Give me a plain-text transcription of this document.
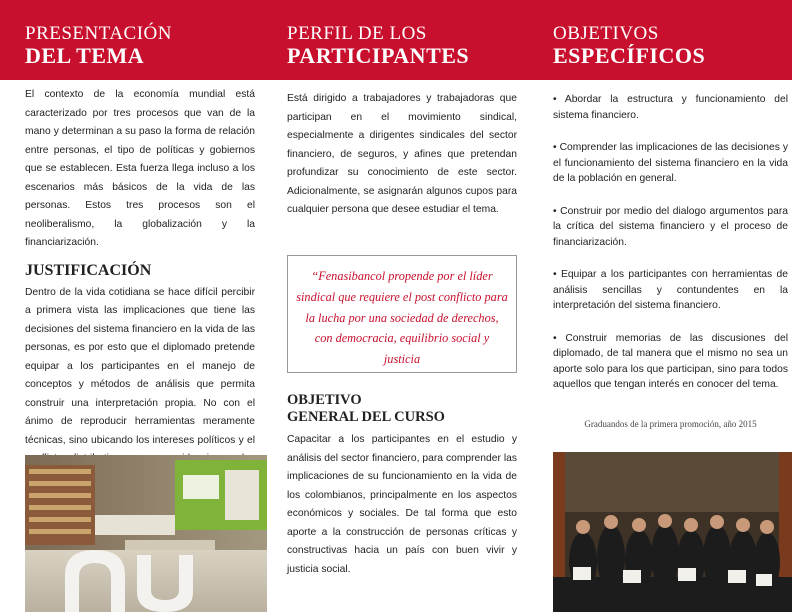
PRESENTACIÓN
DEL TEMA
PERFIL DE LOS
PARTICIPANTES
OBJETIVOS
ESPECÍFICOS

El contexto de la economía mundial está caracterizado por tres procesos que van de la mano y determinan a su paso la forma de relación entre personas, el tipo de políticas y gobiernos que se establecen. Esta fuerza llega incluso a los escenarios más básicos de la vida de las personas. Estos tres procesos son el neoliberalismo, la globalización y la financiarización.

JUSTIFICACIÓN

Dentro de la vida cotidiana se hace difícil percibir a primera vista las implicaciones que tiene las decisiones del sistema financiero en la vida de las personas, es por esto que el diplomado pretende equipar a los participantes en el manejo de conceptos y métodos de análisis que permita construir una interpretación propia. No con el ánimo de reproducir herramientas meramente técnicas, sino ubicando los intereses políticos y el

Está dirigido a trabajadores y trabajadoras que participan en el movimiento sindical, especialmente a dirigentes sindicales del sector financiero, de seguros, y afines que pretendan profundizar su conocimiento de este sector. Adicionalmente, se asignarán algunos cupos para cualquier persona que desee estudiar el tema.

“Fenasibancol propende por el líder sindical que requiere el post conflicto para la lucha por una sociedad de derechos, con democracia, equilibrio social y justicia

OBJETIVO
GENERAL DEL CURSO

Capacitar a los participantes en el estudio y análisis del sector financiero, para comprender las implicaciones de su funcionamiento en la vida de los colombianos, principalmente en los aspectos económicos y sociales. De tal forma que esto aporte a la construcción de personas críticas y constructivas hacia un país con buen vivir y justicia social.

• Abordar la estructura y funcionamiento del sistema financiero.

• Comprender las implicaciones de las decisiones y el funcionamiento del sistema financiero en la vida de la población en general.

• Construir por medio del dialogo argumentos para la crítica del sistema financiero y el proceso de financiarización.

• Equipar a los participantes con herramientas de análisis sencillas y contundentes en la interpretación del sistema financiero.

• Construir memorias de las discusiones del diplomado, de tal manera que el mismo no sea un aporte solo para los que participan, sino para todos aquellos que tengan interés en conocer del tema.

Graduandos de la primera promoción, año 2015
